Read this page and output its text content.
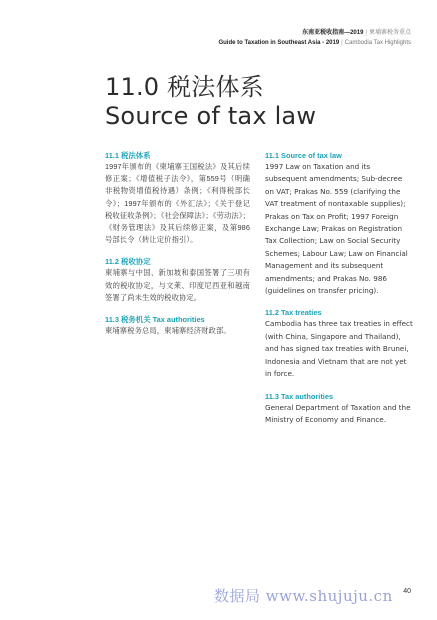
东南亚税收指南—2019 | 柬埔寨税务重点
Guide to Taxation in Southeast Asia - 2019 | Cambodia Tax Highlights
11.0 税法体系
Source of tax law
11.1 税法体系
1997年颁布的《柬埔寨王国税法》及其后续修正案；《增值税子法令》，第559号（明确非税物资增值税待遇）条例；《利得税部长令》；1997年颁布的《外汇法》；《关于登记税收征收条例》；《社会保障法》；《劳动法》；《财务管理法》及其后续修正案，及第986号部长令（转让定价指引）。
11.2 税收协定
柬埔寨与中国、新加坡和泰国签署了三项有效的税收协定，与文莱、印度尼西亚和越南签署了尚未生效的税收协定。
11.3 税务机关 Tax authorities
柬埔寨税务总局，柬埔寨经济财政部。
11.1 Source of tax law
1997 Law on Taxation and its subsequent amendments; Sub-decree on VAT; Prakas No. 559 (clarifying the VAT treatment of nontaxable supplies); Prakas on Tax on Profit; 1997 Foreign Exchange Law; Prakas on Registration Tax Collection; Law on Social Security Schemes; Labour Law; Law on Financial Management and its subsequent amendments; and Prakas No. 986 (guidelines on transfer pricing).
11.2 Tax treaties
Cambodia has three tax treaties in effect (with China, Singapore and Thailand), and has signed tax treaties with Brunei, Indonesia and Vietnam that are not yet in force.
11.3 Tax authorities
General Department of Taxation and the Ministry of Economy and Finance.
数据局 www.shujuju.cn 40
